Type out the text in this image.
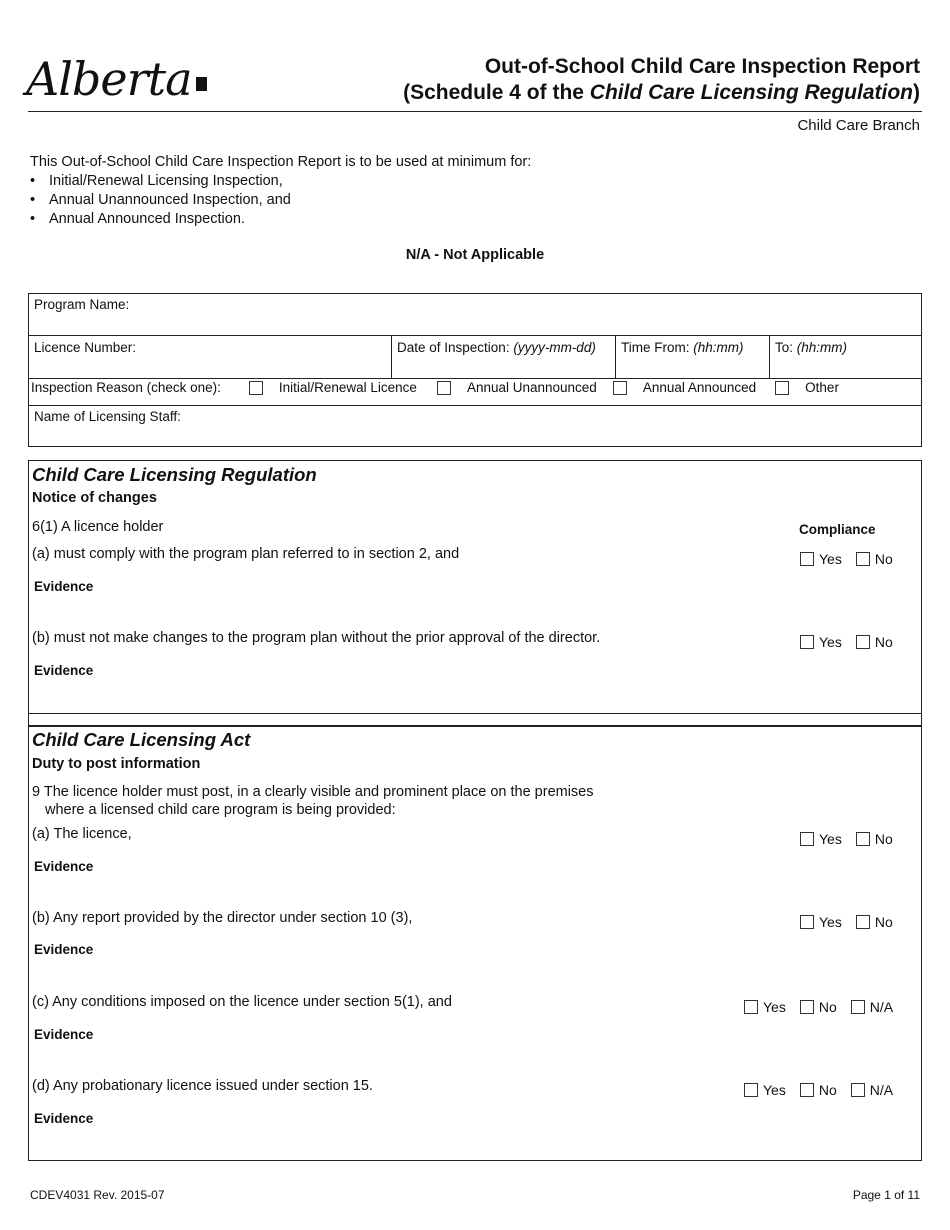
Alberta	Out-of-School Child Care Inspection Report
(Schedule 4 of the Child Care Licensing Regulation)
Child Care Branch
This Out-of-School Child Care Inspection Report is to be used at minimum for:
• Initial/Renewal Licensing Inspection,
• Annual Unannounced Inspection, and
• Annual Announced Inspection.
N/A - Not Applicable
Program Name:
Licence Number:	Date of Inspection: (yyyy-mm-dd)	Time From: (hh:mm)	To: (hh:mm)
Inspection Reason (check one):	Initial/Renewal Licence	Annual Unannounced	Annual Announced	Other
Name of Licensing Staff:
Child Care Licensing Regulation
Notice of changes
6(1) A licence holder	Compliance
(a) must comply with the program plan referred to in section 2, and	Yes No
Evidence
(b) must not make changes to the program plan without the prior approval of the director.	Yes No
Evidence
Child Care Licensing Act
Duty to post information
9 The licence holder must post, in a clearly visible and prominent place on the premises
where a licensed child care program is being provided:
(a) The licence,	Yes No
Evidence
(b) Any report provided by the director under section 10 (3),	Yes No
Evidence
(c) Any conditions imposed on the licence under section 5(1), and	Yes No N/A
Evidence
(d) Any probationary licence issued under section 15.	Yes No N/A
Evidence
CDEV4031 Rev. 2015-07	Page 1 of 11
